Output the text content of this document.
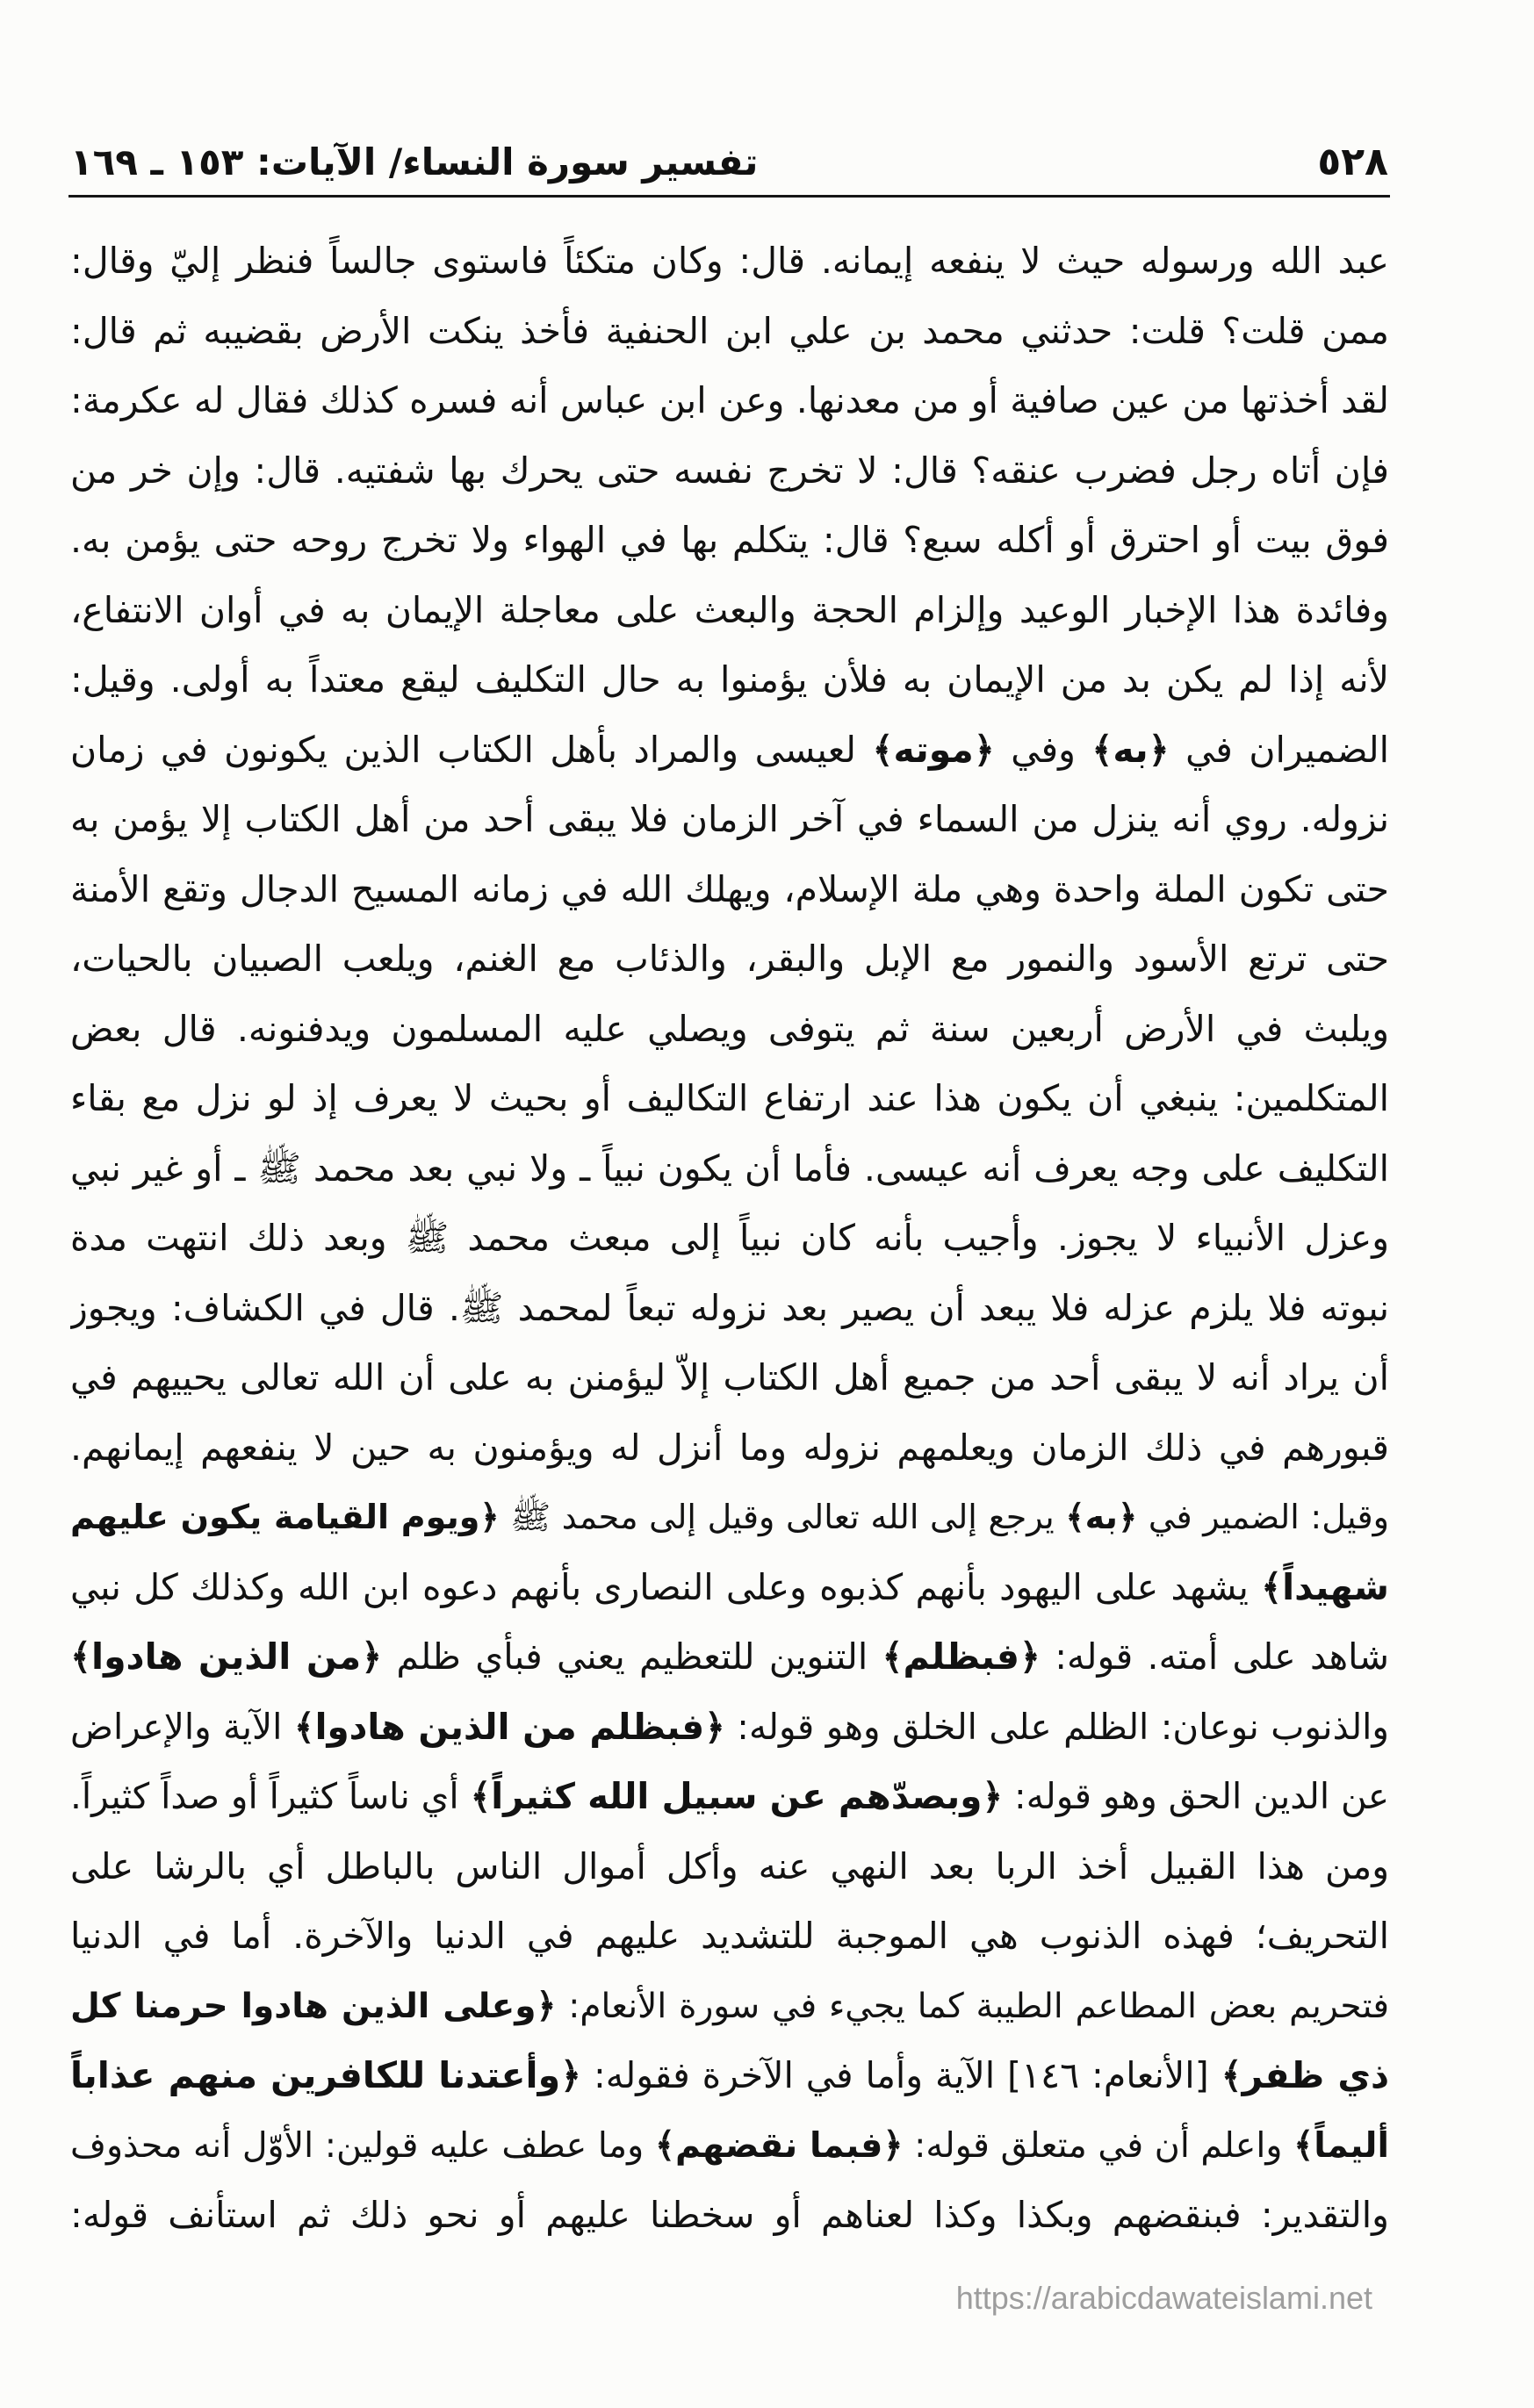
تفسير سورة النساء/ الآيات: ١٥٣ ـ ١٦٩	٥٢٨
عبد الله ورسوله حيث لا ينفعه إيمانه. قال: وكان متكئاً فاستوى جالساً فنظر إليّ وقال:
ممن قلت؟ قلت: حدثني محمد بن علي ابن الحنفية فأخذ ينكت الأرض بقضيبه ثم قال:
لقد أخذتها من عين صافية أو من معدنها. وعن ابن عباس أنه فسره كذلك فقال له عكرمة:
فإن أتاه رجل فضرب عنقه؟ قال: لا تخرج نفسه حتى يحرك بها شفتيه. قال: وإن خر من
فوق بيت أو احترق أو أكله سبع؟ قال: يتكلم بها في الهواء ولا تخرج روحه حتى يؤمن به.
وفائدة هذا الإخبار الوعيد وإلزام الحجة والبعث على معاجلة الإيمان به في أوان الانتفاع،
لأنه إذا لم يكن بد من الإيمان به فلأن يؤمنوا به حال التكليف ليقع معتداً به أولى. وقيل:
الضميران في ﴿به﴾ وفي ﴿موته﴾ لعيسى والمراد بأهل الكتاب الذين يكونون في زمان
نزوله. روي أنه ينزل من السماء في آخر الزمان فلا يبقى أحد من أهل الكتاب إلا يؤمن به
حتى تكون الملة واحدة وهي ملة الإسلام، ويهلك الله في زمانه المسيح الدجال وتقع الأمنة
حتى ترتع الأسود والنمور مع الإبل والبقر، والذئاب مع الغنم، ويلعب الصبيان بالحيات،
ويلبث في الأرض أربعين سنة ثم يتوفى ويصلي عليه المسلمون ويدفنونه. قال بعض
المتكلمين: ينبغي أن يكون هذا عند ارتفاع التكاليف أو بحيث لا يعرف إذ لو نزل مع بقاء
التكليف على وجه يعرف أنه عيسى. فأما أن يكون نبياً ـ ولا نبي بعد محمد ﷺ ـ أو غير نبي
وعزل الأنبياء لا يجوز. وأجيب بأنه كان نبياً إلى مبعث محمد ﷺ وبعد ذلك انتهت مدة
نبوته فلا يلزم عزله فلا يبعد أن يصير بعد نزوله تبعاً لمحمد ﷺ. قال في الكشاف: ويجوز
أن يراد أنه لا يبقى أحد من جميع أهل الكتاب إلاّ ليؤمنن به على أن الله تعالى يحييهم في
قبورهم في ذلك الزمان ويعلمهم نزوله وما أنزل له ويؤمنون به حين لا ينفعهم إيمانهم.
وقيل: الضمير في ﴿به﴾ يرجع إلى الله تعالى وقيل إلى محمد ﷺ ﴿ويوم القيامة يكون عليهم
شهيداً﴾ يشهد على اليهود بأنهم كذبوه وعلى النصارى بأنهم دعوه ابن الله وكذلك كل نبي
شاهد على أمته. قوله: ﴿فبظلم﴾ التنوين للتعظيم يعني فبأي ظلم ﴿من الذين هادوا﴾
والذنوب نوعان: الظلم على الخلق وهو قوله: ﴿فبظلم من الذين هادوا﴾ الآية والإعراض
عن الدين الحق وهو قوله: ﴿وبصدّهم عن سبيل الله كثيراً﴾ أي ناساً كثيراً أو صداً كثيراً.
ومن هذا القبيل أخذ الربا بعد النهي عنه وأكل أموال الناس بالباطل أي بالرشا على
التحريف؛ فهذه الذنوب هي الموجبة للتشديد عليهم في الدنيا والآخرة. أما في الدنيا
فتحريم بعض المطاعم الطيبة كما يجيء في سورة الأنعام: ﴿وعلى الذين هادوا حرمنا كل
ذي ظفر﴾ [الأنعام: ١٤٦] الآية وأما في الآخرة فقوله: ﴿وأعتدنا للكافرين منهم عذاباً
أليماً﴾ واعلم أن في متعلق قوله: ﴿فبما نقضهم﴾ وما عطف عليه قولين: الأوّل أنه محذوف
والتقدير: فبنقضهم وبكذا وكذا لعناهم أو سخطنا عليهم أو نحو ذلك ثم استأنف قوله:
https://arabicdawateislami.net
